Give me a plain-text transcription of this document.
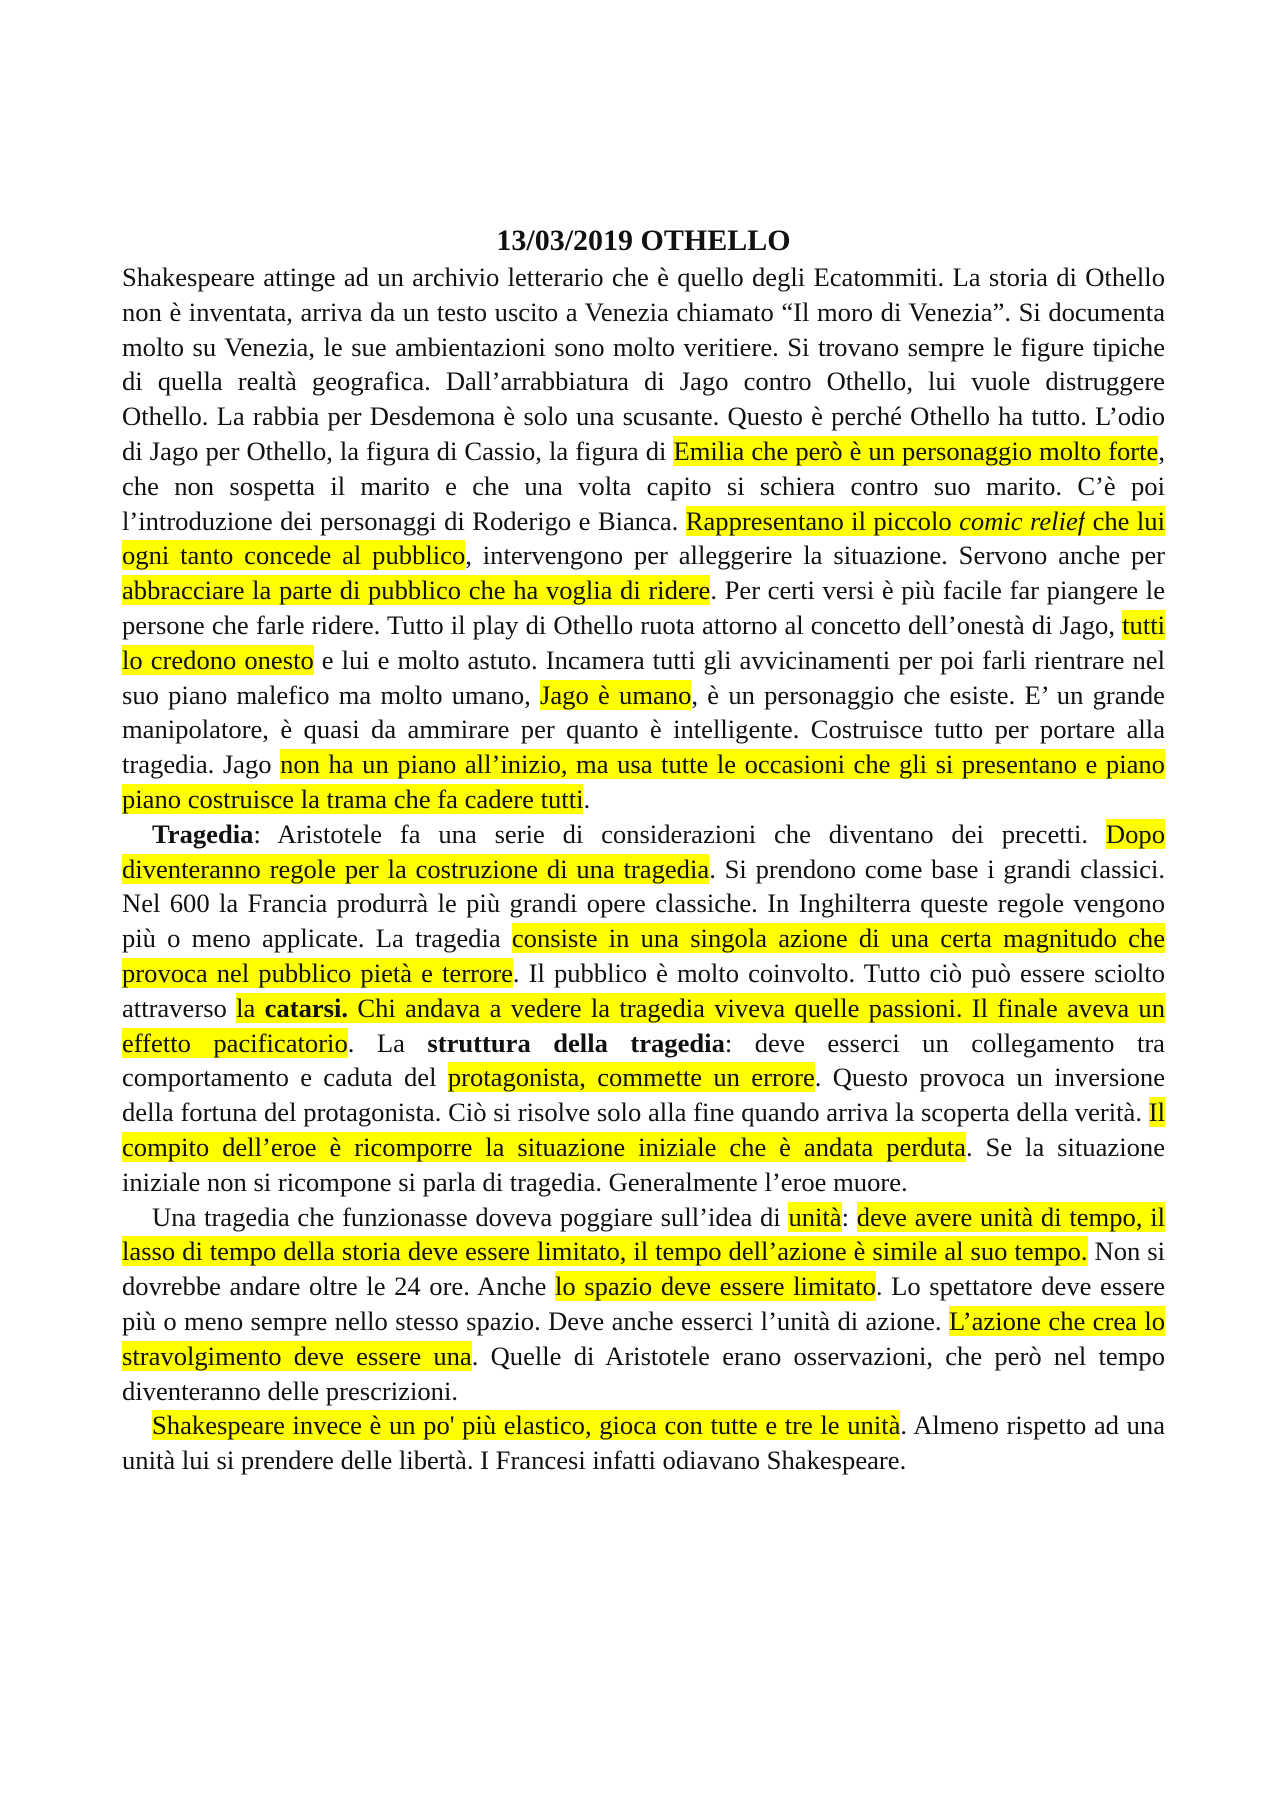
13/03/2019 OTHELLO

Shakespeare attinge ad un archivio letterario che è quello degli Ecatommiti. La storia di Othello non è inventata, arriva da un testo uscito a Venezia chiamato “Il moro di Venezia”. Si documenta molto su Venezia, le sue ambientazioni sono molto veritiere. Si trovano sempre le figure tipiche di quella realtà geografica. Dall’arrabbiatura di Jago contro Othello, lui vuole distruggere Othello. La rabbia per Desdemona è solo una scusante. Questo è perché Othello ha tutto. L’odio di Jago per Othello, la figura di Cassio, la figura di Emilia che però è un personaggio molto forte, che non sospetta il marito e che una volta capito si schiera contro suo marito. C’è poi l’introduzione dei personaggi di Roderigo e Bianca. Rappresentano il piccolo comic relief che lui ogni tanto concede al pubblico, intervengono per alleggerire la situazione. Servono anche per abbracciare la parte di pubblico che ha voglia di ridere. Per certi versi è più facile far piangere le persone che farle ridere. Tutto il play di Othello ruota attorno al concetto dell’onestà di Jago, tutti lo credono onesto e lui e molto astuto. Incamera tutti gli avvicinamenti per poi farli rientrare nel suo piano malefico ma molto umano, Jago è umano, è un personaggio che esiste. E’ un grande manipolatore, è quasi da ammirare per quanto è intelligente. Costruisce tutto per portare alla tragedia. Jago non ha un piano all’inizio, ma usa tutte le occasioni che gli si presentano e piano piano costruisce la trama che fa cadere tutti.

Tragedia: Aristotele fa una serie di considerazioni che diventano dei precetti. Dopo diventeranno regole per la costruzione di una tragedia. Si prendono come base i grandi classici. Nel 600 la Francia produrrà le più grandi opere classiche. In Inghilterra queste regole vengono più o meno applicate. La tragedia consiste in una singola azione di una certa magnitudo che provoca nel pubblico pietà e terrore. Il pubblico è molto coinvolto. Tutto ciò può essere sciolto attraverso la catarsi. Chi andava a vedere la tragedia viveva quelle passioni. Il finale aveva un effetto pacificatorio. La struttura della tragedia: deve esserci un collegamento tra comportamento e caduta del protagonista, commette un errore. Questo provoca un inversione della fortuna del protagonista. Ciò si risolve solo alla fine quando arriva la scoperta della verità. Il compito dell’eroe è ricomporre la situazione iniziale che è andata perduta. Se la situazione iniziale non si ricompone si parla di tragedia. Generalmente l’eroe muore.

Una tragedia che funzionasse doveva poggiare sull’idea di unità: deve avere unità di tempo, il lasso di tempo della storia deve essere limitato, il tempo dell’azione è simile al suo tempo. Non si dovrebbe andare oltre le 24 ore. Anche lo spazio deve essere limitato. Lo spettatore deve essere più o meno sempre nello stesso spazio. Deve anche esserci l’unità di azione. L’azione che crea lo stravolgimento deve essere una. Quelle di Aristotele erano osservazioni, che però nel tempo diventeranno delle prescrizioni.

Shakespeare invece è un po' più elastico, gioca con tutte e tre le unità. Almeno rispetto ad una unità lui si prendere delle libertà. I Francesi infatti odiavano Shakespeare.
